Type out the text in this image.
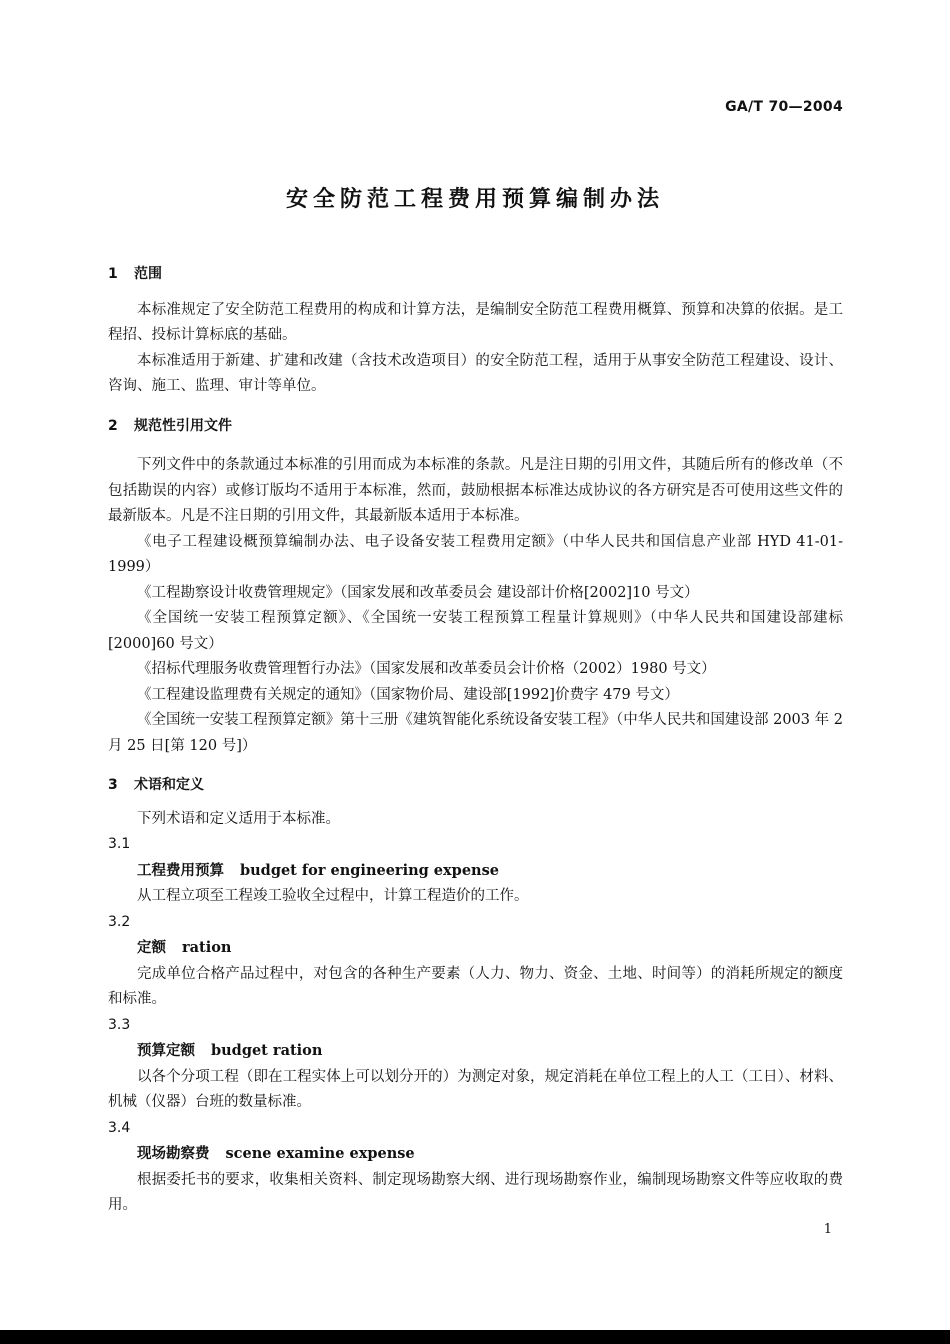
GA/T 70—2004
安全防范工程费用预算编制办法
1 范围

本标准规定了安全防范工程费用的构成和计算方法，是编制安全防范工程费用概算、预算和决算的依据。是工程招、投标计算标底的基础。

本标准适用于新建、扩建和改建（含技术改造项目）的安全防范工程，适用于从事安全防范工程建设、设计、咨询、施工、监理、审计等单位。

2 规范性引用文件

下列文件中的条款通过本标准的引用而成为本标准的条款。凡是注日期的引用文件，其随后所有的修改单（不包括勘误的内容）或修订版均不适用于本标准，然而，鼓励根据本标准达成协议的各方研究是否可使用这些文件的最新版本。凡是不注日期的引用文件，其最新版本适用于本标准。

《电子工程建设概预算编制办法、电子设备安装工程费用定额》（中华人民共和国信息产业部 HYD 41-01-1999）

《工程勘察设计收费管理规定》（国家发展和改革委员会 建设部计价格[2002]10 号文）

《全国统一安装工程预算定额》、《全国统一安装工程预算工程量计算规则》（中华人民共和国建设部建标[2000]60 号文）

《招标代理服务收费管理暂行办法》（国家发展和改革委员会计价格（2002）1980 号文）

《工程建设监理费有关规定的通知》（国家物价局、建设部[1992]价费字 479 号文）

《全国统一安装工程预算定额》第十三册《建筑智能化系统设备安装工程》（中华人民共和国建设部 2003 年 2 月 25 日[第 120 号]）

3 术语和定义

下列术语和定义适用于本标准。

3.1

工程费用预算 budget for engineering expense

从工程立项至工程竣工验收全过程中，计算工程造价的工作。

3.2

定额 ration

完成单位合格产品过程中，对包含的各种生产要素（人力、物力、资金、土地、时间等）的消耗所规定的额度和标准。

3.3

预算定额 budget ration

以各个分项工程（即在工程实体上可以划分开的）为测定对象，规定消耗在单位工程上的人工（工日）、材料、机械（仪器）台班的数量标准。

3.4

现场勘察费 scene examine expense

根据委托书的要求，收集相关资料、制定现场勘察大纲、进行现场勘察作业，编制现场勘察文件等应收取的费用。

1
